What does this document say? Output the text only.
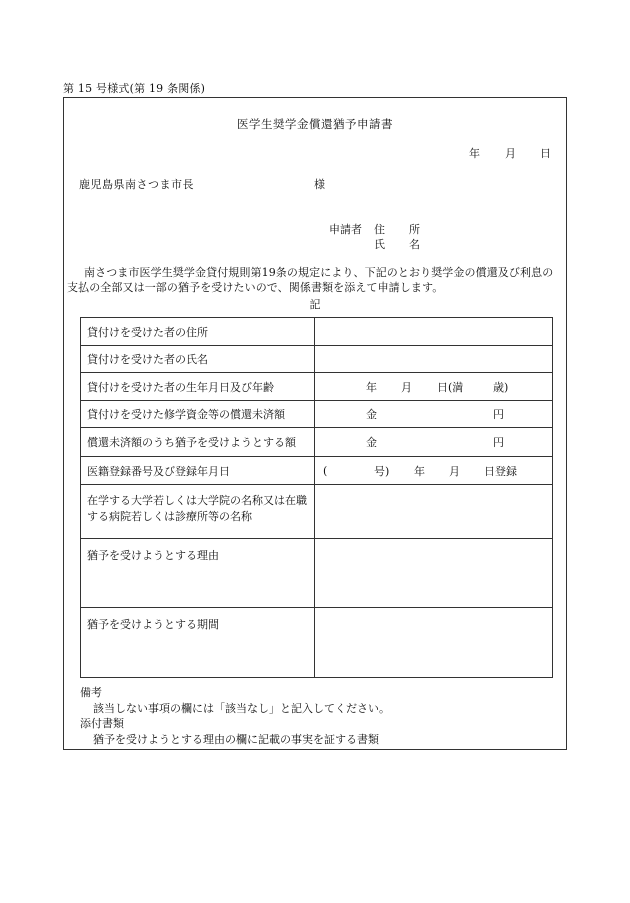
第 15 号様式(第 19 条関係)
医学生奨学金償還猶予申請書
年 月 日
鹿児島県南さつま市長	様
申請者 住 所
氏 名
南さつま市医学生奨学金貸付規則第19条の規定により、下記のとおり奨学金の償還及び利息の支払の全部又は一部の猶予を受けたいので、関係書類を添えて申請します。
記
貸付けを受けた者の住所	
貸付けを受けた者の氏名	
貸付けを受けた者の生年月日及び年齢	年 月 日(満 歳)

貸付けを受けた修学資金等の償還未済額	金 円

償還未済額のうち猶予を受けようとする額	金 円

医籍登録番号及び登録年月日	( 号) 年 月 日登録

在学する大学若しくは大学院の名称又は在職する病院若しくは診療所等の名称	
猶予を受けようとする理由	
猶予を受けようとする期間	
備考
該当しない事項の欄には「該当なし」と記入してください。
添付書類
猶予を受けようとする理由の欄に記載の事実を証する書類
